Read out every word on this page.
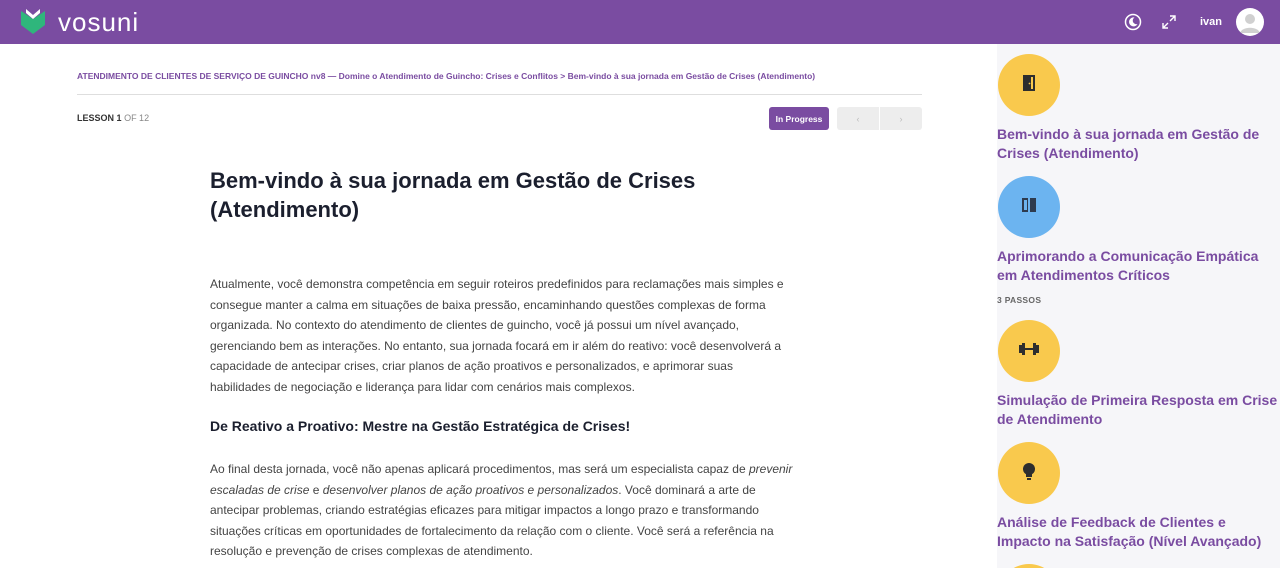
vosuni	ivan
ATENDIMENTO DE CLIENTES DE SERVIÇO DE GUINCHO nv8 — Domine o Atendimento de Guincho: Crises e Conflitos > Bem-vindo à sua jornada em Gestão de Crises (Atendimento)
LESSON 1 OF 12	In Progress	‹	›
Bem-vindo à sua jornada em Gestão de Crises (Atendimento)

Atualmente, você demonstra competência em seguir roteiros predefinidos para reclamações mais simples e consegue manter a calma em situações de baixa pressão, encaminhando questões complexas de forma organizada. No contexto do atendimento de clientes de guincho, você já possui um nível avançado, gerenciando bem as interações. No entanto, sua jornada focará em ir além do reativo: você desenvolverá a capacidade de antecipar crises, criar planos de ação proativos e personalizados, e aprimorar suas habilidades de negociação e liderança para lidar com cenários mais complexos.

De Reativo a Proativo: Mestre na Gestão Estratégica de Crises!
Ao final desta jornada, você não apenas aplicará procedimentos, mas será um especialista capaz de prevenir escaladas de crise e desenvolver planos de ação proativos e personalizados. Você dominará a arte de antecipar problemas, criando estratégias eficazes para mitigar impactos a longo prazo e transformando situações críticas em oportunidades de fortalecimento da relação com o cliente. Você será a referência na resolução e prevenção de crises complexas de atendimento.
Bem-vindo à sua jornada em Gestão de Crises (Atendimento)
Aprimorando a Comunicação Empática em Atendimentos Críticos
3 PASSOS
Simulação de Primeira Resposta em Crise de Atendimento
Análise de Feedback de Clientes e Impacto na Satisfação (Nível Avançado)
